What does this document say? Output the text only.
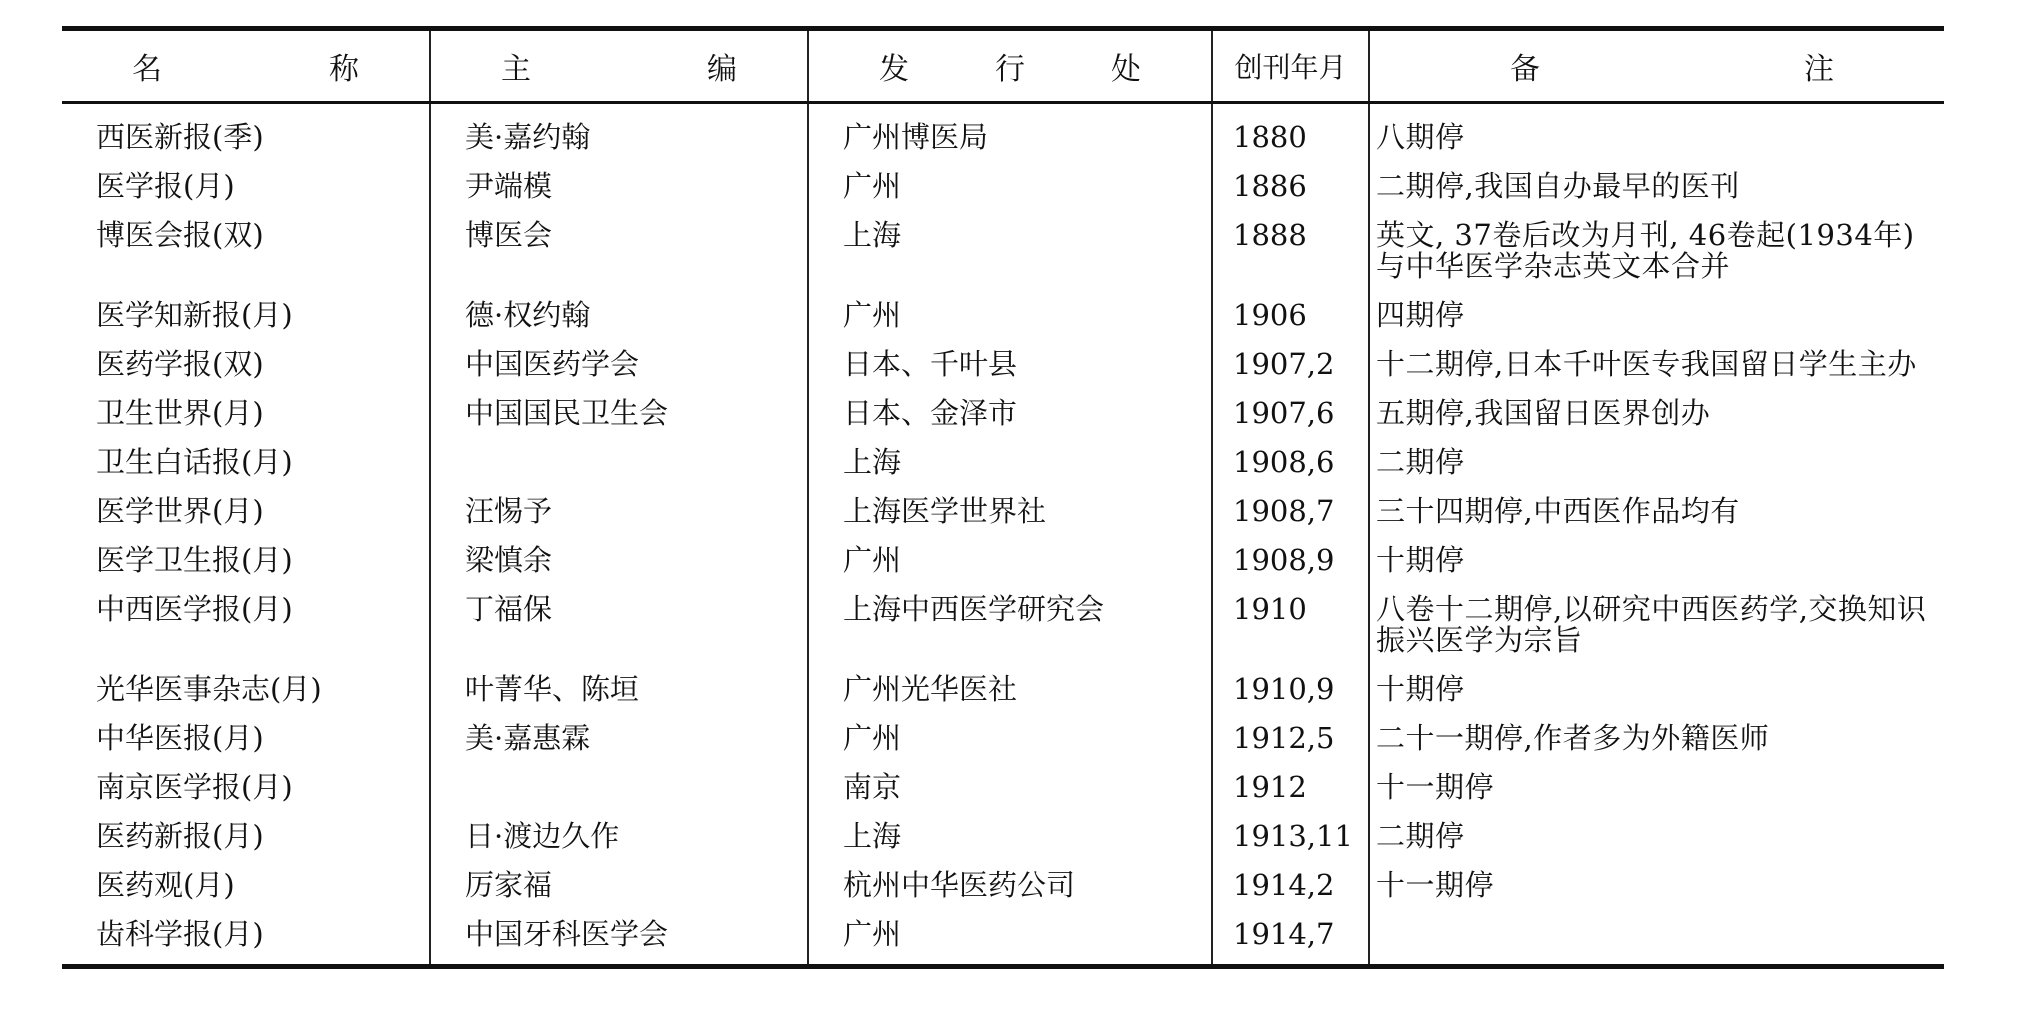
名 称	主 编	发 行 处	创刊年月	备 注

西医新报(季)	美·嘉约翰	广州博医局	1880	八期停
医学报(月)	尹端模	广州	1886	二期停,我国自办最早的医刊
博医会报(双)	博医会	上海	1888	英文, 37卷后改为月刊, 46卷起(1934年)与中华医学杂志英文本合并
医学知新报(月)	德·权约翰	广州	1906	四期停
医药学报(双)	中国医药学会	日本、千叶县	1907,2	十二期停,日本千叶医专我国留日学生主办
卫生世界(月)	中国国民卫生会	日本、金泽市	1907,6	五期停,我国留日医界创办
卫生白话报(月)		上海	1908,6	二期停
医学世界(月)	汪惕予	上海医学世界社	1908,7	三十四期停,中西医作品均有
医学卫生报(月)	梁慎余	广州	1908,9	十期停
中西医学报(月)	丁福保	上海中西医学研究会	1910	八卷十二期停,以研究中西医药学,交换知识振兴医学为宗旨
光华医事杂志(月)	叶菁华、陈垣	广州光华医社	1910,9	十期停
中华医报(月)	美·嘉惠霖	广州	1912,5	二十一期停,作者多为外籍医师
南京医学报(月)		南京	1912	十一期停
医药新报(月)	日·渡边久作	上海	1913,11	二期停
医药观(月)	厉家福	杭州中华医药公司	1914,2	十一期停
齿科学报(月)	中国牙科医学会	广州	1914,7	
